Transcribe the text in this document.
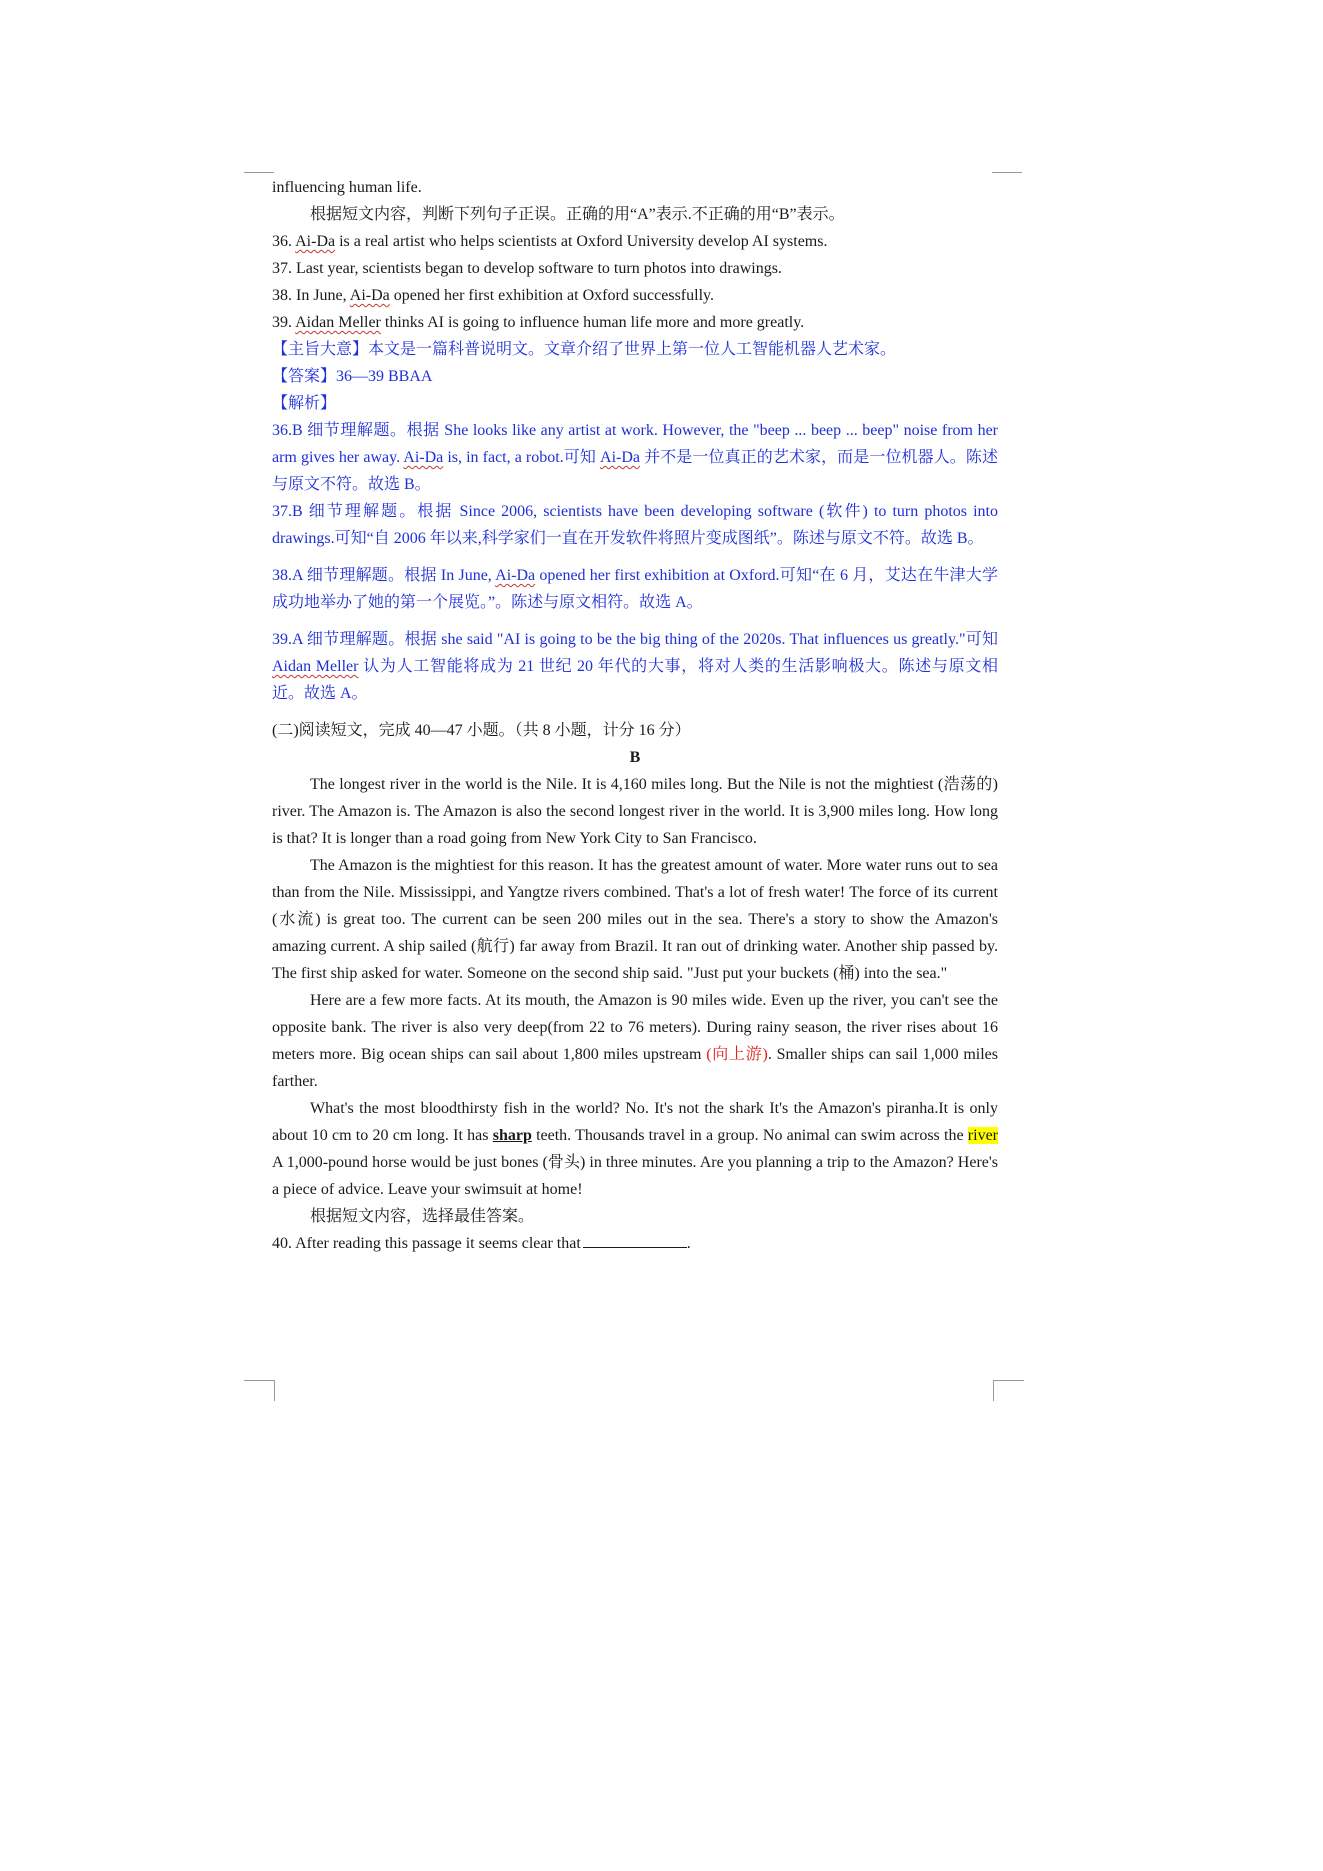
influencing human life.

根据短文内容，判断下列句子正误。正确的用“A”表示.不正确的用“B”表示。

36. Ai-Da is a real artist who helps scientists at Oxford University develop AI systems.

37. Last year, scientists began to develop software to turn photos into drawings.

38. In June, Ai-Da opened her first exhibition at Oxford successfully.

39. Aidan Meller thinks AI is going to influence human life more and more greatly.

【主旨大意】本文是一篇科普说明文。文章介绍了世界上第一位人工智能机器人艺术家。

【答案】36—39 BBAA

【解析】

36.B 细节理解题。根据 She looks like any artist at work. However, the "beep ... beep ... beep" noise from her arm gives her away. Ai-Da is, in fact, a robot.可知 Ai-Da 并不是一位真正的艺术家，而是一位机器人。陈述与原文不符。故选 B。

37.B 细节理解题。根据 Since 2006, scientists have been developing software (软件) to turn photos into drawings.可知“自 2006 年以来,科学家们一直在开发软件将照片变成图纸”。陈述与原文不符。故选 B。

38.A 细节理解题。根据 In June, Ai-Da opened her first exhibition at Oxford.可知“在 6 月，艾达在牛津大学成功地举办了她的第一个展览。”。陈述与原文相符。故选 A。

39.A 细节理解题。根据 she said "AI is going to be the big thing of the 2020s. That influences us greatly."可知 Aidan Meller 认为人工智能将成为 21 世纪 20 年代的大事，将对人类的生活影响极大。陈述与原文相近。故选 A。

(二)阅读短文，完成 40—47 小题。（共 8 小题，计分 16 分）

B

The longest river in the world is the Nile. It is 4,160 miles long. But the Nile is not the mightiest (浩荡的) river. The Amazon is. The Amazon is also the second longest river in the world. It is 3,900 miles long. How long is that? It is longer than a road going from New York City to San Francisco.

The Amazon is the mightiest for this reason. It has the greatest amount of water. More water runs out to sea than from the Nile. Mississippi, and Yangtze rivers combined. That's a lot of fresh water! The force of its current (水流) is great too. The current can be seen 200 miles out in the sea. There's a story to show the Amazon's amazing current. A ship sailed (航行) far away from Brazil. It ran out of drinking water. Another ship passed by. The first ship asked for water. Someone on the second ship said. "Just put your buckets (桶) into the sea."

Here are a few more facts. At its mouth, the Amazon is 90 miles wide. Even up the river, you can't see the opposite bank. The river is also very deep(from 22 to 76 meters). During rainy season, the river rises about 16 meters more. Big ocean ships can sail about 1,800 miles upstream (向上游). Smaller ships can sail 1,000 miles farther.

What's the most bloodthirsty fish in the world? No. It's not the shark It's the Amazon's piranha.It is only about 10 cm to 20 cm long. It has sharp teeth. Thousands travel in a group. No animal can swim across the river A 1,000-pound horse would be just bones (骨头) in three minutes. Are you planning a trip to the Amazon? Here's a piece of advice. Leave your swimsuit at home!

根据短文内容，选择最佳答案。

40. After reading this passage it seems clear that	.
